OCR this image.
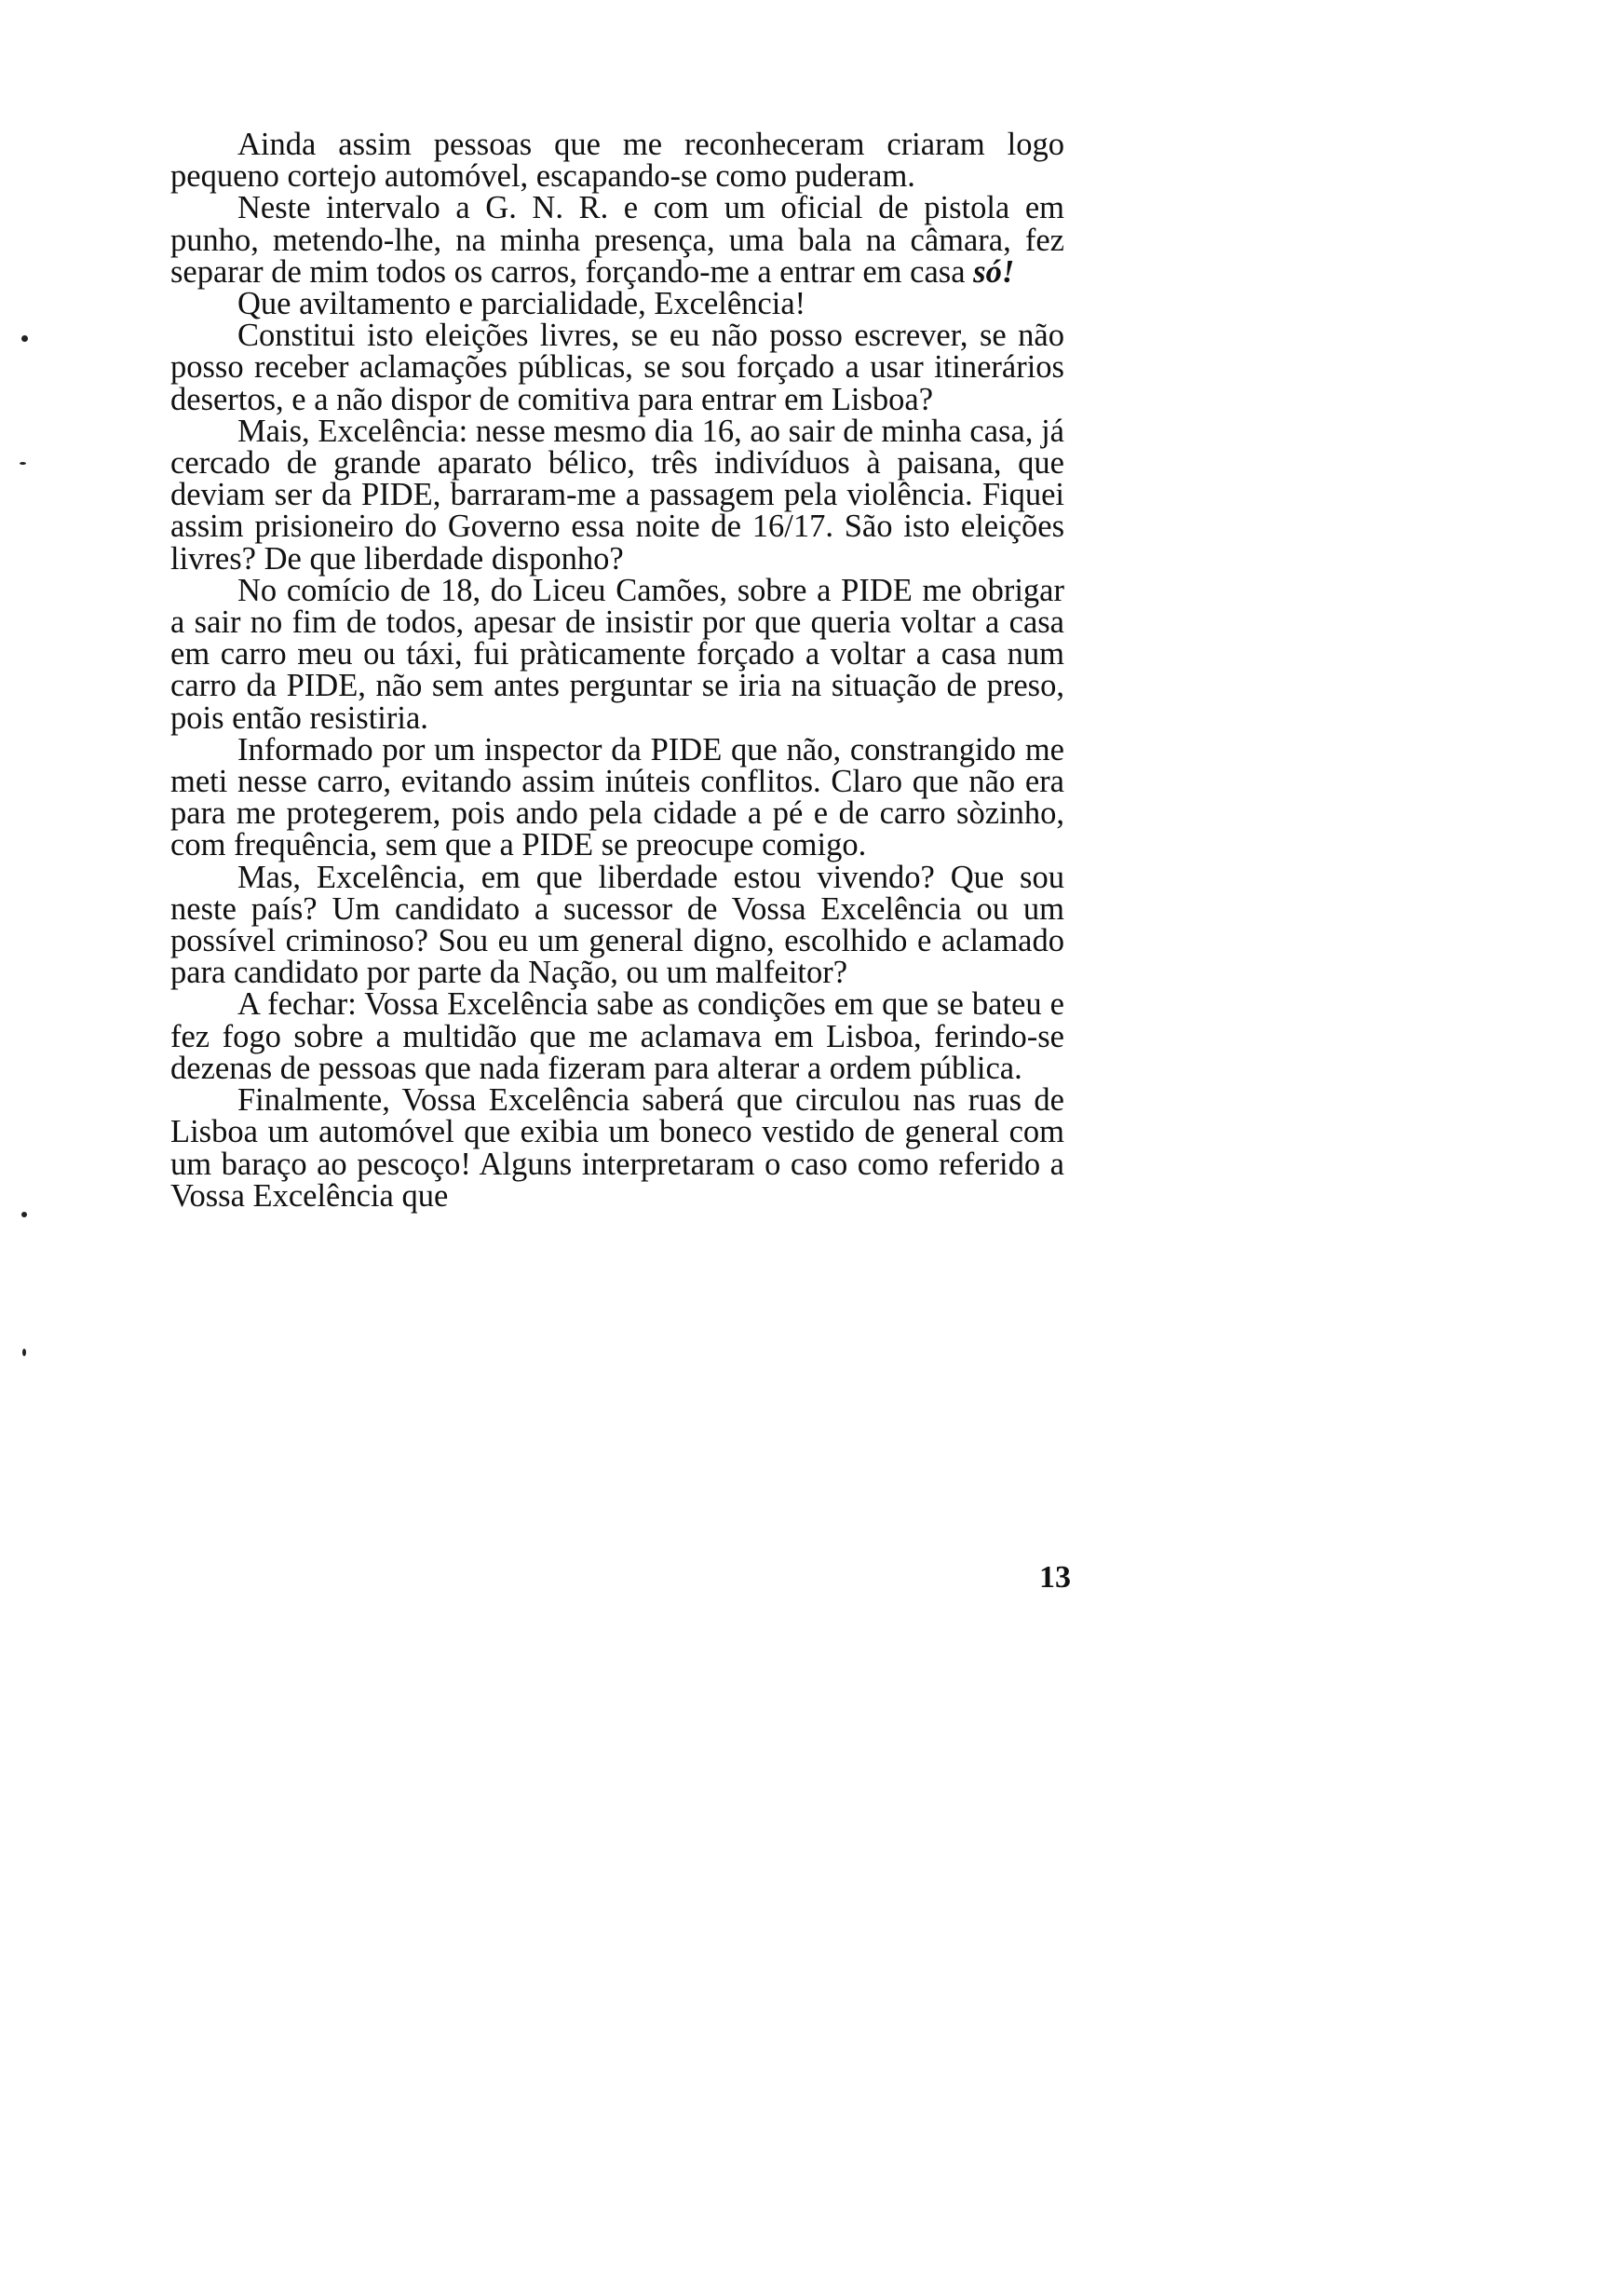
Ainda assim pessoas que me reconheceram criaram logo pequeno cortejo automóvel, escapando-se como puderam.

Neste intervalo a G. N. R. e com um oficial de pistola em punho, metendo-lhe, na minha presença, uma bala na câmara, fez separar de mim todos os carros, forçando-me a entrar em casa só!

Que aviltamento e parcialidade, Excelência!

Constitui isto eleições livres, se eu não posso escrever, se não posso receber aclamações públicas, se sou forçado a usar itinerários desertos, e a não dispor de comitiva para entrar em Lisboa?

Mais, Excelência: nesse mesmo dia 16, ao sair de minha casa, já cercado de grande aparato bélico, três indivíduos à paisana, que deviam ser da PIDE, barraram-me a passagem pela violência. Fiquei assim prisioneiro do Governo essa noite de 16/17. São isto eleições livres? De que liberdade disponho?

No comício de 18, do Liceu Camões, sobre a PIDE me obrigar a sair no fim de todos, apesar de insistir por que queria voltar a casa em carro meu ou táxi, fui pràticamente forçado a voltar a casa num carro da PIDE, não sem antes perguntar se iria na situação de preso, pois então resistiria.

Informado por um inspector da PIDE que não, constrangido me meti nesse carro, evitando assim inúteis conflitos. Claro que não era para me protegerem, pois ando pela cidade a pé e de carro sòzinho, com frequência, sem que a PIDE se preocupe comigo.

Mas, Excelência, em que liberdade estou vivendo? Que sou neste país? Um candidato a sucessor de Vossa Excelência ou um possível criminoso? Sou eu um general digno, escolhido e aclamado para candidato por parte da Nação, ou um malfeitor?

A fechar: Vossa Excelência sabe as condições em que se bateu e fez fogo sobre a multidão que me aclamava em Lisboa, ferindo-se dezenas de pessoas que nada fizeram para alterar a ordem pública.

Finalmente, Vossa Excelência saberá que circulou nas ruas de Lisboa um automóvel que exibia um boneco vestido de general com um baraço ao pescoço! Alguns interpretaram o caso como referido a Vossa Excelência que

13
